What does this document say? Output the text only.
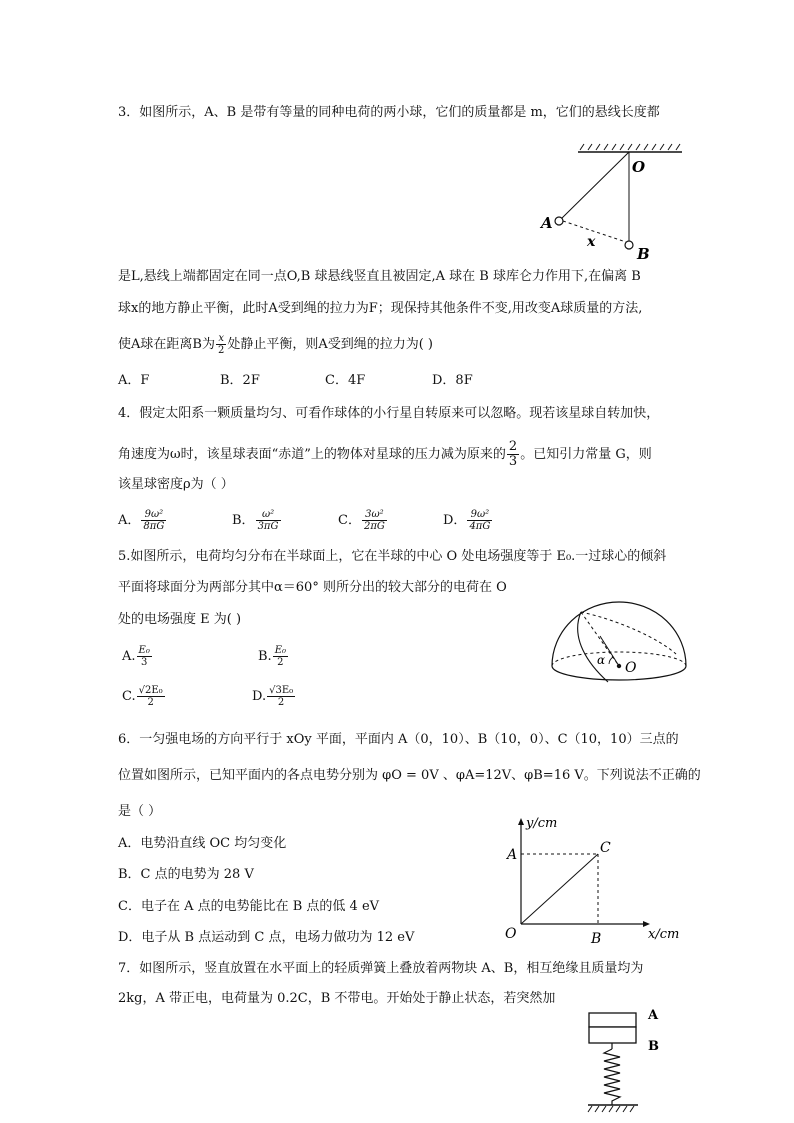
3．如图所示，A、B 是带有等量的同种电荷的两小球，它们的质量都是 m，它们的悬线长度都
O
A
x
B
是L,悬线上端都固定在同一点O,B 球悬线竖直且被固定,A 球在 B 球库仑力作用下,在偏离 B
球x的地方静止平衡，此时A受到绳的拉力为F；现保持其他条件不变,用改变A球质量的方法,
使A球在距离B为 $\frac{x}{2}$ 处静止平衡，则A受到绳的拉力为( )
A．F	B．2F	C．4F	D．8F
4．假定太阳系一颗质量均匀、可看作球体的小行星自转原来可以忽略。现若该星球自转加快，
角速度为ω时，该星球表面“赤道”上的物体对星球的压力减为原来的 $\frac{2}{3}$ 。已知引力常量 G，则
该星球密度ρ为（ ）
A． $\frac{\text{9ω²}}{8\pi G}$	B． $\frac{\text{ω²}}{3\pi G}$	C． $\frac{\text{3ω²}}{2\pi G}$	D． $\frac{\text{9ω²}}{4\pi G}$
5.如图所示，电荷均匀分布在半球面上，它在半球的中心 O 处电场强度等于 E₀.一过球心的倾斜
平面将球面分为两部分其中α＝60° 则所分出的较大部分的电荷在 O
处的电场强度 E 为( )
A. $\frac{\text{E₀}}{3}$	B. $\frac{\text{E₀}}{2}$
C. $\frac{\text{√2E₀}}{2}$	D. $\frac{\text{√3E₀}}{2}$
α O
6．一匀强电场的方向平行于 xOy 平面，平面内 A（0，10）、B（10，0）、C（10，10）三点的
位置如图所示，已知平面内的各点电势分别为 φO = 0V 、φA=12V、φB=16 V。下列说法不正确的
是（ ）
A．电势沿直线 OC 均匀变化
B．C 点的电势为 28 V
C．电子在 A 点的电势能比在 B 点的低 4 eV
D．电子从 B 点运动到 C 点，电场力做功为 12 eV
y/cm
A	C
O	B	x/cm
7．如图所示，竖直放置在水平面上的轻质弹簧上叠放着两物块 A、B，相互绝缘且质量均为
2kg，A 带正电，电荷量为 0.2C，B 不带电。开始处于静止状态，若突然加
A
B
